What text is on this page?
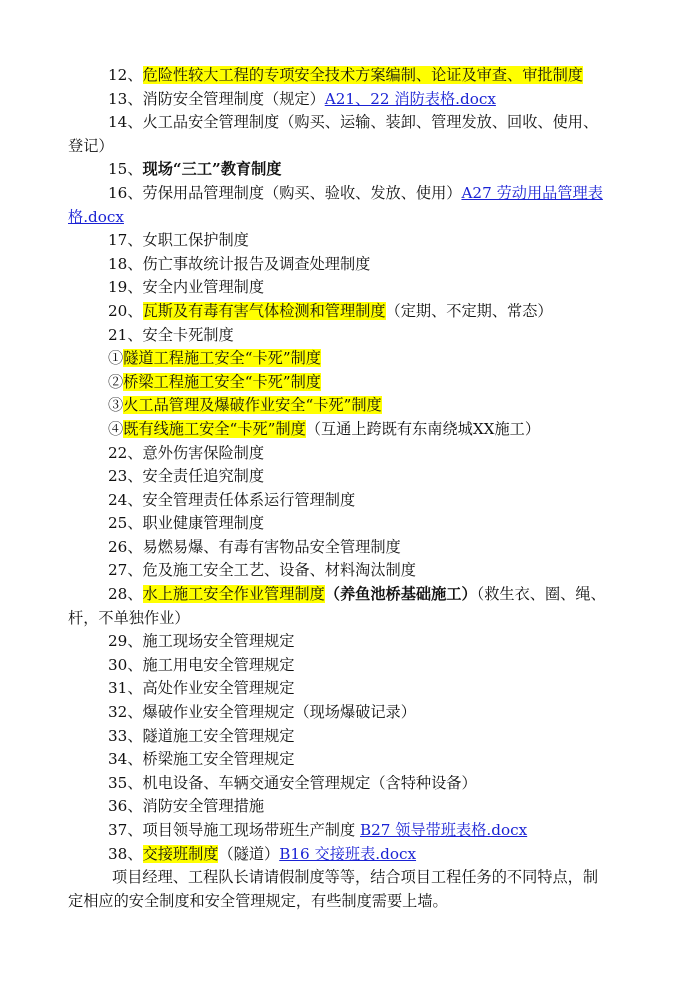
12、危险性较大工程的专项安全技术方案编制、论证及审查、审批制度
13、消防安全管理制度（规定）A21、22 消防表格.docx
14、火工品安全管理制度（购买、运输、装卸、管理发放、回收、使用、
登记）
15、现场“三工”教育制度
16、劳保用品管理制度（购买、验收、发放、使用）A27 劳动用品管理表
格.docx
17、女职工保护制度
18、伤亡事故统计报告及调查处理制度
19、安全内业管理制度
20、瓦斯及有毒有害气体检测和管理制度（定期、不定期、常态）
21、安全卡死制度
①隧道工程施工安全“卡死”制度
②桥梁工程施工安全“卡死”制度
③火工品管理及爆破作业安全“卡死”制度
④既有线施工安全“卡死”制度（互通上跨既有东南绕城XX施工）
22、意外伤害保险制度
23、安全责任追究制度
24、安全管理责任体系运行管理制度
25、职业健康管理制度
26、易燃易爆、有毒有害物品安全管理制度
27、危及施工安全工艺、设备、材料淘汰制度
28、水上施工安全作业管理制度（养鱼池桥基础施工）（救生衣、圈、绳、
杆，不单独作业）
29、施工现场安全管理规定
30、施工用电安全管理规定
31、高处作业安全管理规定
32、爆破作业安全管理规定（现场爆破记录）
33、隧道施工安全管理规定
34、桥梁施工安全管理规定
35、机电设备、车辆交通安全管理规定（含特种设备）
36、消防安全管理措施
37、项目领导施工现场带班生产制度 B27 领导带班表格.docx
38、交接班制度（隧道）B16 交接班表.docx
项目经理、工程队长请请假制度等等，结合项目工程任务的不同特点，制
定相应的安全制度和安全管理规定，有些制度需要上墙。
